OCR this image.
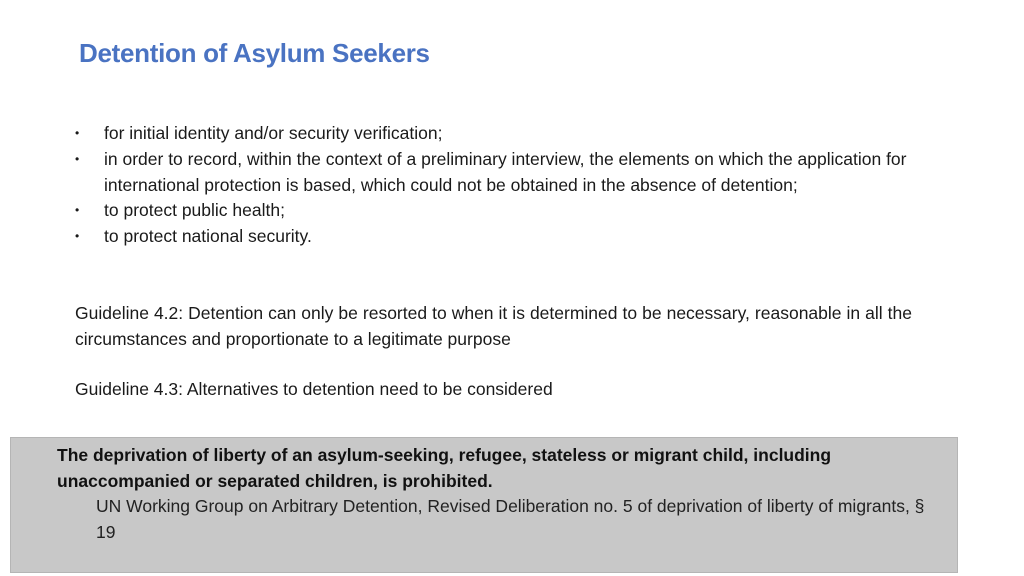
Detention of Asylum Seekers
• for initial identity and/or security verification;
• in order to record, within the context of a preliminary interview, the elements on which the application for international protection is based, which could not be obtained in the absence of detention;
• to protect public health;
• to protect national security.

Guideline 4.2: Detention can only be resorted to when it is determined to be necessary, reasonable in all the circumstances and proportionate to a legitimate purpose

Guideline 4.3: Alternatives to detention need to be considered

The deprivation of liberty of an asylum-seeking, refugee, stateless or migrant child, including unaccompanied or separated children, is prohibited.

UN Working Group on Arbitrary Detention, Revised Deliberation no. 5 of deprivation of liberty of migrants, § 19
